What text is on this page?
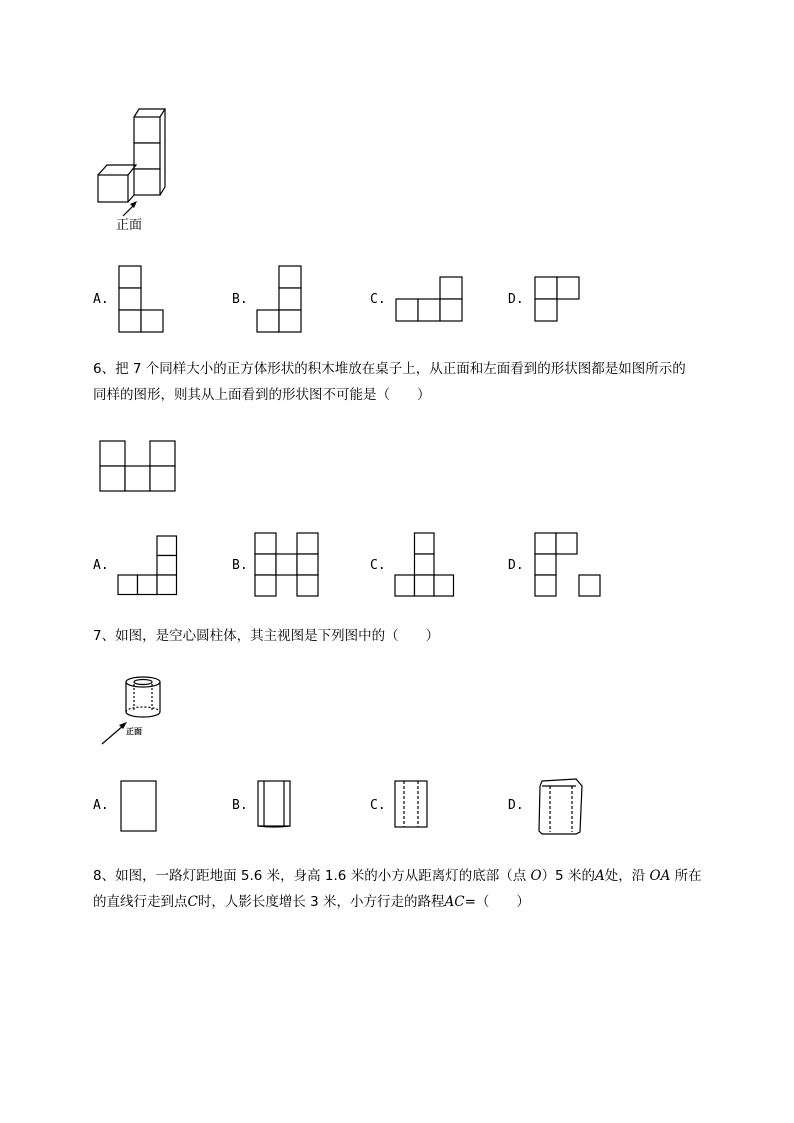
正面
A.	B.	C.	D.
6、把 7 个同样大小的正方体形状的积木堆放在桌子上，从正面和左面看到的形状图都是如图所示的
同样的图形，则其从上面看到的形状图不可能是（　　）
A.	B.	C.	D.
7、如图，是空心圆柱体，其主视图是下列图中的（　　）
正面
A.	B.	C.	D.
8、如图，一路灯距地面 5.6 米，身高 1.6 米的小方从距离灯的底部（点 O）5 米的A处，沿 OA 所在
的直线行走到点C时，人影长度增长 3 米，小方行走的路程AC=（　　）
